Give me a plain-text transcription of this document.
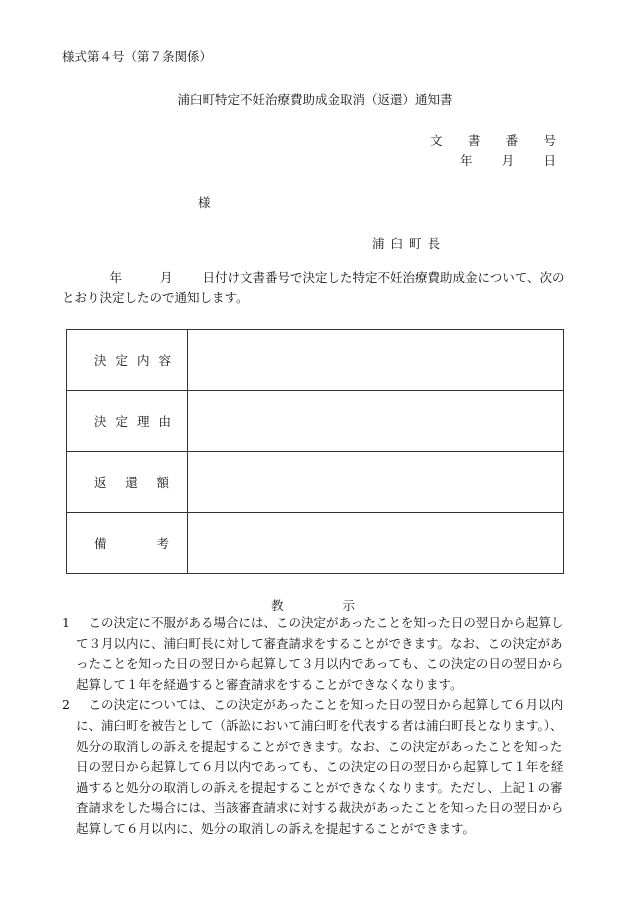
様式第４号（第７条関係）
浦臼町特定不妊治療費助成金取消（返還）通知書
文 書 番 号
年 月 日
様
浦臼町長
年	月 日付け文書番号で決定した特定不妊治療費助成金について、次のとおり決定したので通知します。
決 定 内 容	

決 定 理 由	

返 還 額	

備 考	

教	示
1	この決定に不服がある場合には、この決定があったことを知った日の翌日から起算して３月以内に、浦臼町長に対して審査請求をすることができます。なお、この決定があったことを知った日の翌日から起算して３月以内であっても、この決定の日の翌日から起算して１年を経過すると審査請求をすることができなくなります。
2	この決定については、この決定があったことを知った日の翌日から起算して６月以内に、浦臼町を被告として（訴訟において浦臼町を代表する者は浦臼町長となります。）、処分の取消しの訴えを提起することができます。なお、この決定があったことを知った日の翌日から起算して６月以内であっても、この決定の日の翌日から起算して１年を経過すると処分の取消しの訴えを提起することができなくなります。ただし、上記１の審査請求をした場合には、当該審査請求に対する裁決があったことを知った日の翌日から起算して６月以内に、処分の取消しの訴えを提起することができます。
